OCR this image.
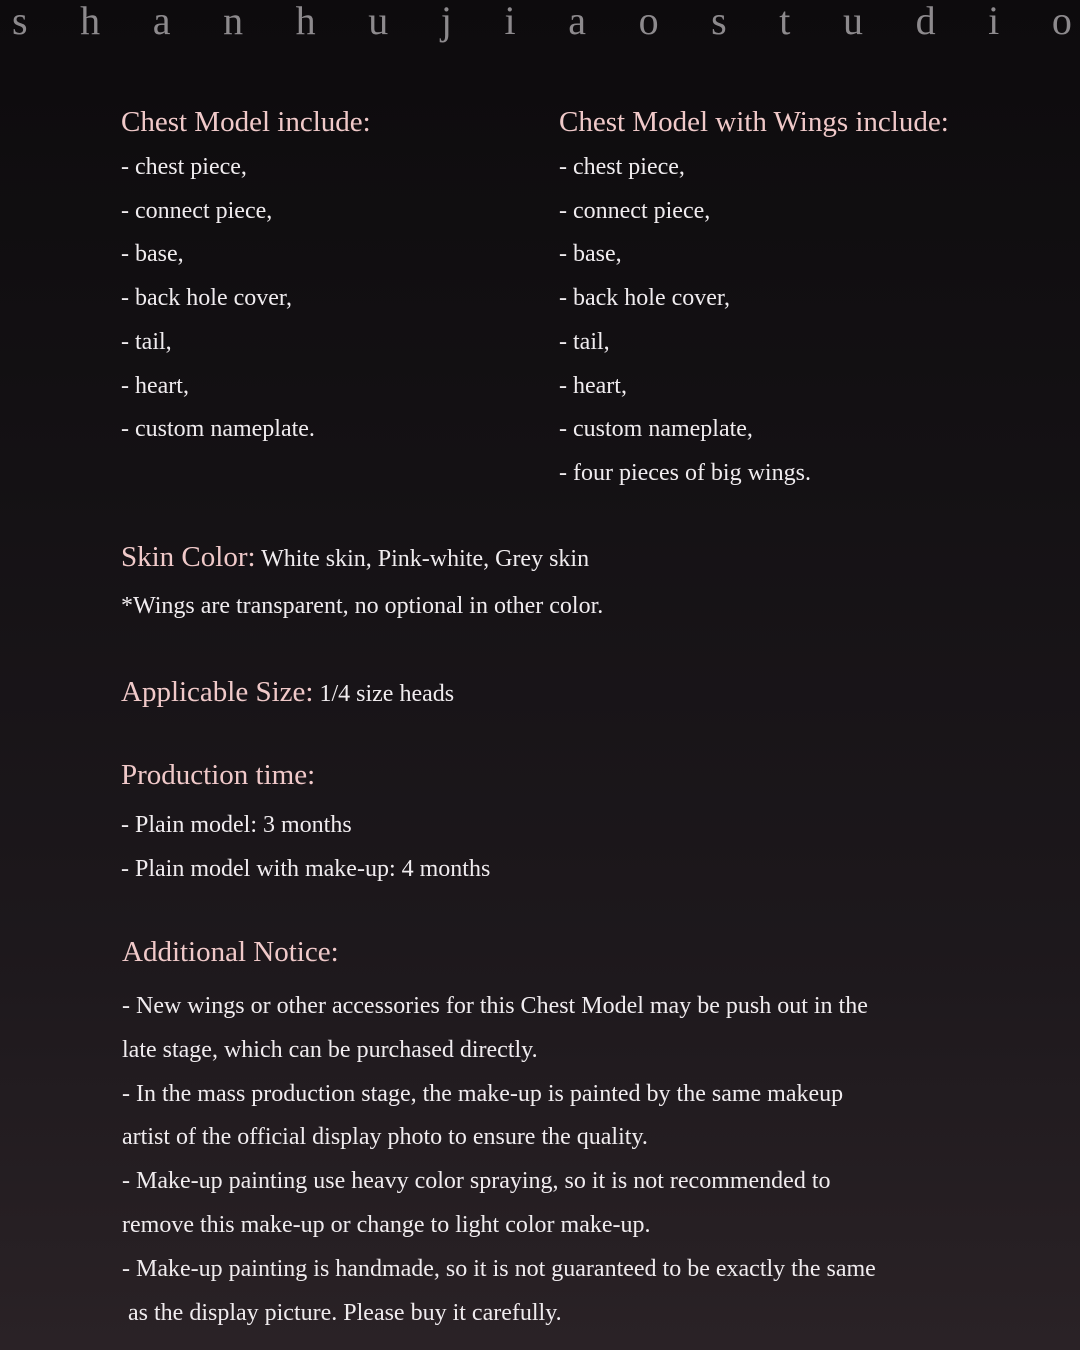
s h a n h u j i a o s t u d i o
Chest Model include:
- chest piece,
- connect piece,
- base,
- back hole cover,
- tail,
- heart,
- custom nameplate.
Chest Model with Wings include:
- chest piece,
- connect piece,
- base,
- back hole cover,
- tail,
- heart,
- custom nameplate,
- four pieces of big wings.
Skin Color: White skin, Pink-white, Grey skin
*Wings are transparent, no optional in other color.
Applicable Size: 1/4 size heads
Production time:
- Plain model: 3 months
- Plain model with make-up: 4 months
Additional Notice:
- New wings or other accessories for this Chest Model may be push out in the
late stage, which can be purchased directly.
- In the mass production stage, the make-up is painted by the same makeup
artist of the official display photo to ensure the quality.
- Make-up painting use heavy color spraying, so it is not recommended to
remove this make-up or change to light color make-up.
- Make-up painting is handmade, so it is not guaranteed to be exactly the same
as the display picture. Please buy it carefully.
